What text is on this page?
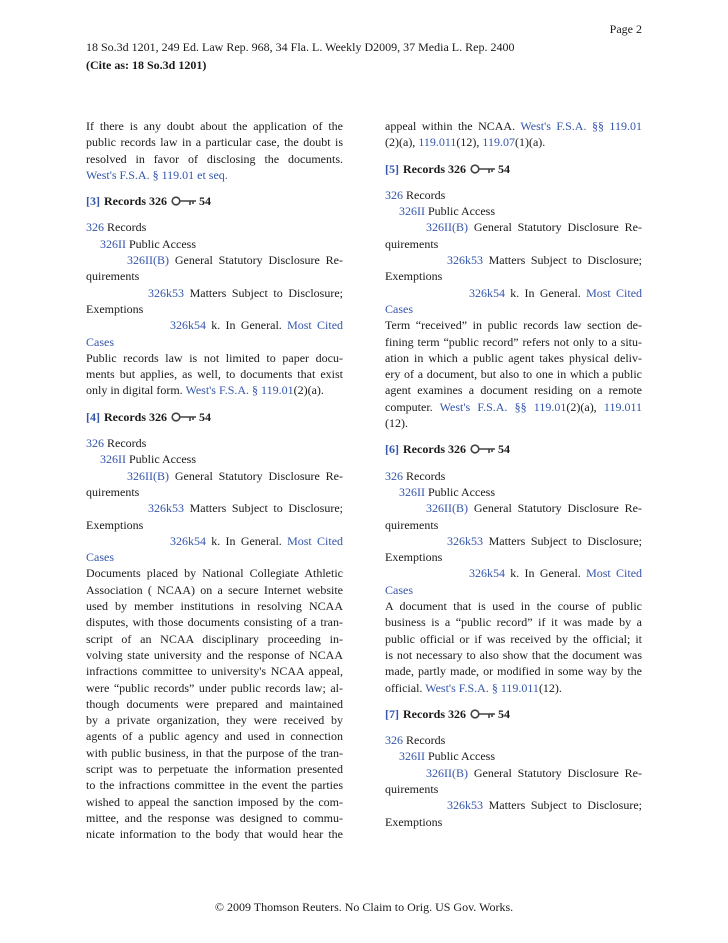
Page 2
18 So.3d 1201, 249 Ed. Law Rep. 968, 34 Fla. L. Weekly D2009, 37 Media L. Rep. 2400
(Cite as: 18 So.3d 1201)

If there is any doubt about the application of the

public records law in a particular case, the doubt is

resolved in favor of disclosing the documents.

West's F.S.A. § 119.01 et seq.

[3] Records 326	54

326 Records

326II Public Access

326II(B) General Statutory Disclosure Re-

quirements

326k53 Matters Subject to Disclosure;

Exemptions

326k54 k. In General. Most Cited

Cases

Public records law is not limited to paper docu-

ments but applies, as well, to documents that exist

only in digital form. West's F.S.A. § 119.01(2)(a).

[4] Records 326	54

326 Records

326II Public Access

326II(B) General Statutory Disclosure Re-

quirements

326k53 Matters Subject to Disclosure;

Exemptions

326k54 k. In General. Most Cited

Cases

Documents placed by National Collegiate Athletic

Association ( NCAA) on a secure Internet website

used by member institutions in resolving NCAA

disputes, with those documents consisting of a tran-

script of an NCAA disciplinary proceeding in-

volving state university and the response of NCAA

infractions committee to university's NCAA appeal,

were “public records” under public records law; al-

though documents were prepared and maintained

by a private organization, they were received by

agents of a public agency and used in connection

with public business, in that the purpose of the tran-

script was to perpetuate the information presented

to the infractions committee in the event the parties

wished to appeal the sanction imposed by the com-

mittee, and the response was designed to commu-

nicate information to the body that would hear the

appeal within the NCAA. West's F.S.A. §§ 119.01

(2)(a), 119.011(12), 119.07(1)(a).

[5] Records 326	54

326 Records

326II Public Access

326II(B) General Statutory Disclosure Re-

quirements

326k53 Matters Subject to Disclosure;

Exemptions

326k54 k. In General. Most Cited

Cases

Term “received” in public records law section de-

fining term “public record” refers not only to a situ-

ation in which a public agent takes physical deliv-

ery of a document, but also to one in which a public

agent examines a document residing on a remote

computer. West's F.S.A. §§ 119.01(2)(a), 119.011

(12).

[6] Records 326	54

326 Records

326II Public Access

326II(B) General Statutory Disclosure Re-

quirements

326k53 Matters Subject to Disclosure;

Exemptions

326k54 k. In General. Most Cited

Cases

A document that is used in the course of public

business is a “public record” if it was made by a

public official or if was received by the official; it

is not necessary to also show that the document was

made, partly made, or modified in some way by the

official. West's F.S.A. § 119.011(12).

[7] Records 326	54

326 Records

326II Public Access

326II(B) General Statutory Disclosure Re-

quirements

326k53 Matters Subject to Disclosure;

Exemptions

© 2009 Thomson Reuters. No Claim to Orig. US Gov. Works.
